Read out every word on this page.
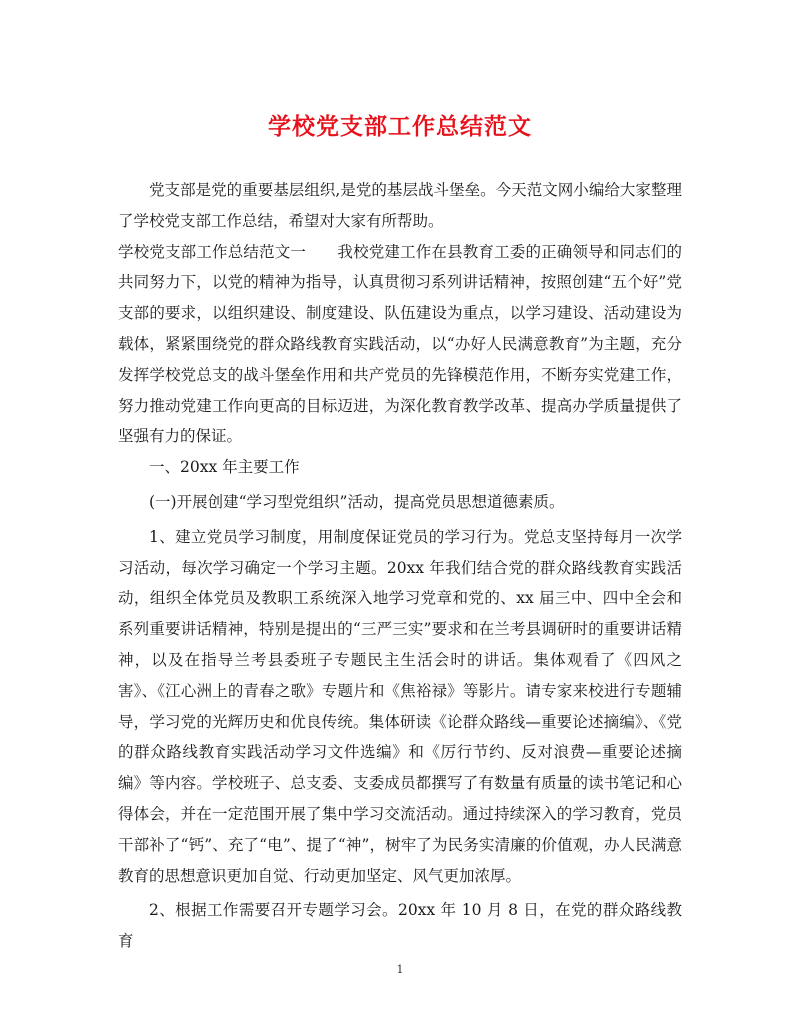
学校党支部工作总结范文

党支部是党的重要基层组织,是党的基层战斗堡垒。今天范文网小编给大家整理了学校党支部工作总结，希望对大家有所帮助。

学校党支部工作总结范文一　　我校党建工作在县教育工委的正确领导和同志们的共同努力下，以党的精神为指导，认真贯彻习系列讲话精神，按照创建“五个好”党支部的要求，以组织建设、制度建设、队伍建设为重点，以学习建设、活动建设为载体，紧紧围绕党的群众路线教育实践活动，以“办好人民满意教育”为主题，充分发挥学校党总支的战斗堡垒作用和共产党员的先锋模范作用，不断夯实党建工作，努力推动党建工作向更高的目标迈进，为深化教育教学改革、提高办学质量提供了坚强有力的保证。

一、20xx 年主要工作

(一)开展创建“学习型党组织”活动，提高党员思想道德素质。

1、建立党员学习制度，用制度保证党员的学习行为。党总支坚持每月一次学习活动，每次学习确定一个学习主题。20xx 年我们结合党的群众路线教育实践活动，组织全体党员及教职工系统深入地学习党章和党的、xx 届三中、四中全会和系列重要讲话精神，特别是提出的“三严三实”要求和在兰考县调研时的重要讲话精神，以及在指导兰考县委班子专题民主生活会时的讲话。集体观看了《四风之害》、《江心洲上的青春之歌》专题片和《焦裕禄》等影片。请专家来校进行专题辅导，学习党的光辉历史和优良传统。集体研读《论群众路线—重要论述摘编》、《党的群众路线教育实践活动学习文件选编》和《厉行节约、反对浪费—重要论述摘编》等内容。学校班子、总支委、支委成员都撰写了有数量有质量的读书笔记和心得体会，并在一定范围开展了集中学习交流活动。通过持续深入的学习教育，党员干部补了“钙”、充了“电”、提了“神”，树牢了为民务实清廉的价值观，办人民满意教育的思想意识更加自觉、行动更加坚定、风气更加浓厚。

2、根据工作需要召开专题学习会。20xx 年 10 月 8 日，在党的群众路线教育

1
